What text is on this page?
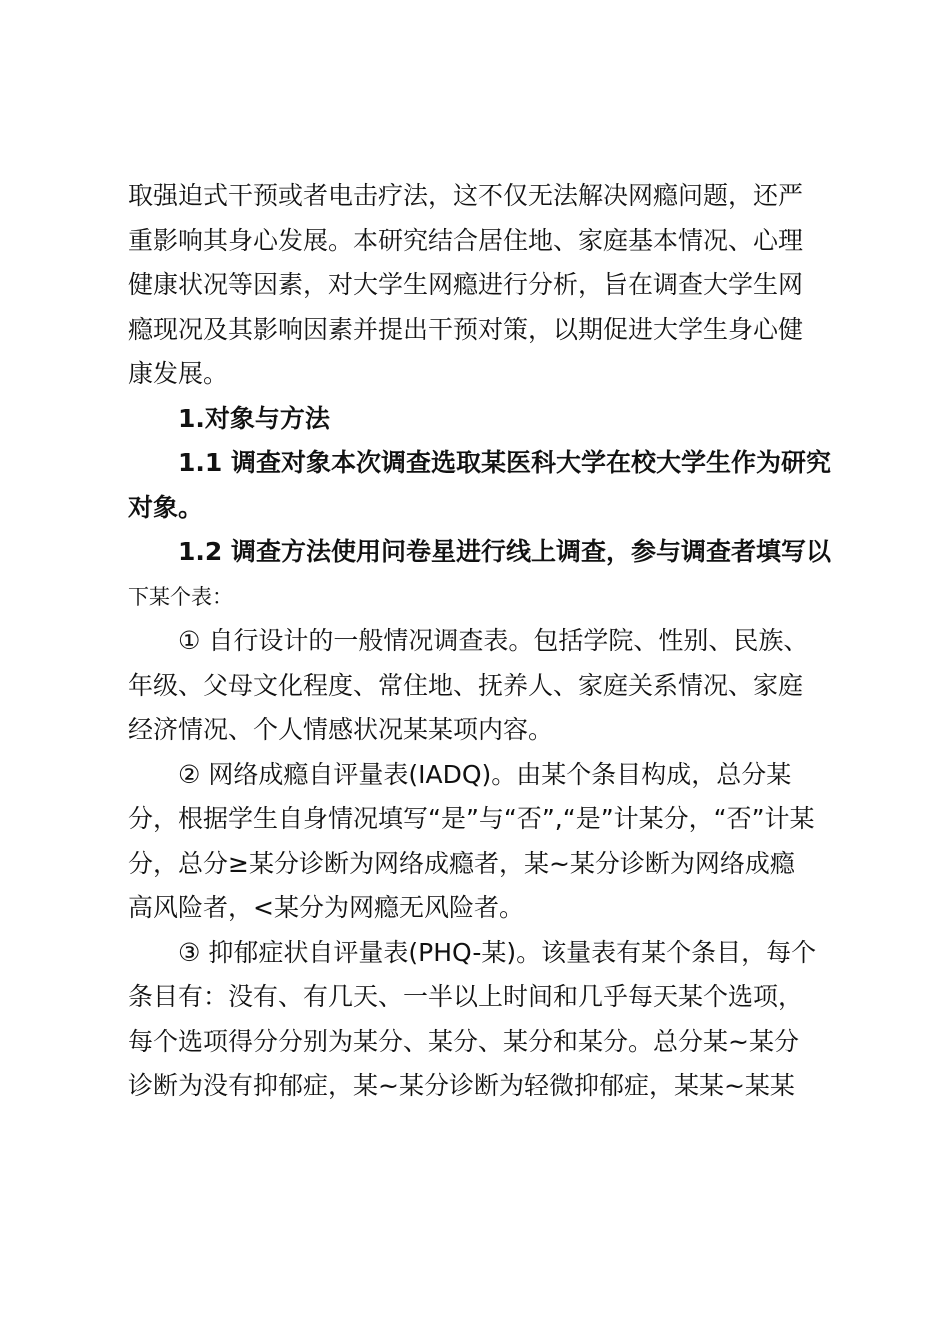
取强迫式干预或者电击疗法，这不仅无法解决网瘾问题，还严
重影响其身心发展。本研究结合居住地、家庭基本情况、心理
健康状况等因素，对大学生网瘾进行分析，旨在调查大学生网
瘾现况及其影响因素并提出干预对策，以期促进大学生身心健
康发展。
1.对象与方法
1.1 调查对象本次调查选取某医科大学在校大学生作为研究
对象。
1.2 调查方法使用问卷星进行线上调查，参与调查者填写以
下某个表：
① 自行设计的一般情况调查表。包括学院、性别、民族、
年级、父母文化程度、常住地、抚养人、家庭关系情况、家庭
经济情况、个人情感状况某某项内容。
② 网络成瘾自评量表(IADQ)。由某个条目构成，总分某
分，根据学生自身情况填写“是”与“否”,“是”计某分，“否”计某
分，总分≥某分诊断为网络成瘾者，某~某分诊断为网络成瘾
高风险者，<某分为网瘾无风险者。
③ 抑郁症状自评量表(PHQ-某)。该量表有某个条目，每个
条目有：没有、有几天、一半以上时间和几乎每天某个选项，
每个选项得分分别为某分、某分、某分和某分。总分某~某分
诊断为没有抑郁症，某~某分诊断为轻微抑郁症，某某~某某
